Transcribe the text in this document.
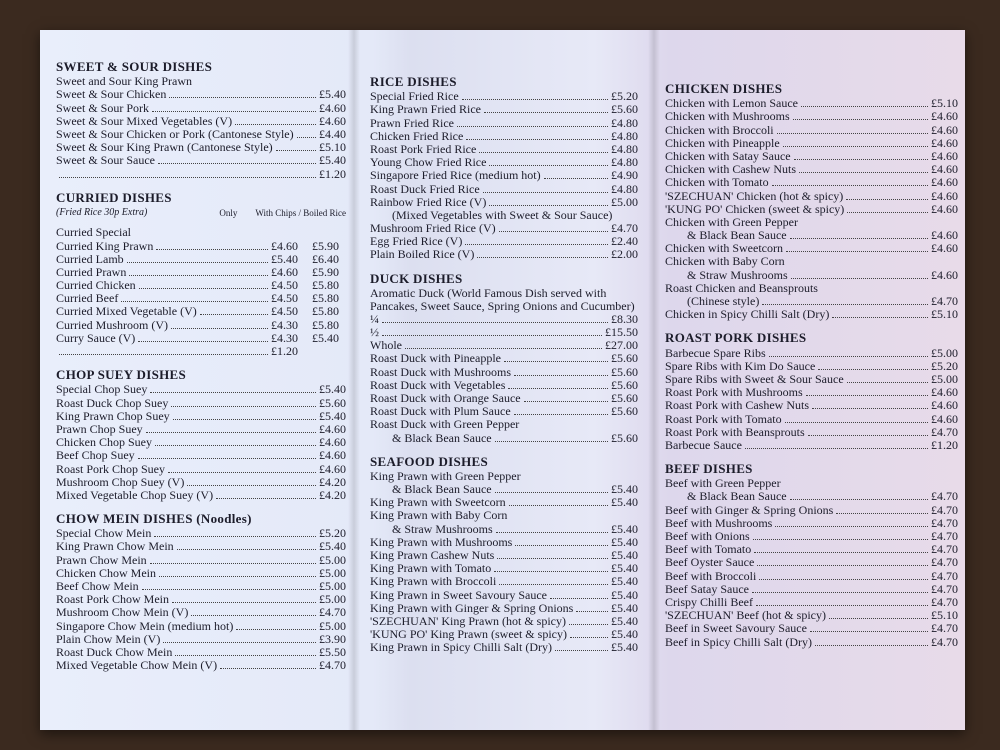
SWEET & SOUR DISHES
Sweet and Sour King Prawn
Sweet & Sour Chicken	£5.40
Sweet & Sour Pork	£4.60
Sweet & Sour Mixed Vegetables (V)	£4.60
Sweet & Sour Chicken or Pork (Cantonese Style) £4.40
Sweet & Sour King Prawn (Cantonese Style)	£5.10
Sweet & Sour Sauce	£5.40
£1.20
CURRIED DISHES
(Fried Rice 30p Extra)	Only With Chips / Boiled Rice
Curried Special
Curried King Prawn	£4.60 £5.90
Curried Lamb	£5.40 £6.40
Curried Prawn	£4.60 £5.90
Curried Chicken	£4.50 £5.80
Curried Beef	£4.50 £5.80
Curried Mixed Vegetable (V)	£4.50 £5.80
Curried Mushroom (V)	£4.30 £5.80
Curry Sauce (V)	£4.30 £5.40
£1.20
CHOP SUEY DISHES
Special Chop Suey	£5.40
Roast Duck Chop Suey	£5.60
King Prawn Chop Suey	£5.40
Prawn Chop Suey	£4.60
Chicken Chop Suey	£4.60
Beef Chop Suey	£4.60
Roast Pork Chop Suey	£4.60
Mushroom Chop Suey (V)	£4.20
Mixed Vegetable Chop Suey (V)	£4.20
CHOW MEIN DISHES (Noodles)
Special Chow Mein	£5.20
King Prawn Chow Mein	£5.40
Prawn Chow Mein	£5.00
Chicken Chow Mein	£5.00
Beef Chow Mein	£5.00
Roast Pork Chow Mein	£5.00
Mushroom Chow Mein (V)	£4.70
Singapore Chow Mein (medium hot)	£5.00
Plain Chow Mein (V)	£3.90
Roast Duck Chow Mein	£5.50
Mixed Vegetable Chow Mein (V)	£4.70
RICE DISHES
Special Fried Rice	£5.20
King Prawn Fried Rice	£5.60
Prawn Fried Rice	£4.80
Chicken Fried Rice	£4.80
Roast Pork Fried Rice	£4.80
Young Chow Fried Rice	£4.80
Singapore Fried Rice (medium hot)	£4.90
Roast Duck Fried Rice	£4.80
Rainbow Fried Rice (V)	£5.00
(Mixed Vegetables with Sweet & Sour Sauce)
Mushroom Fried Rice (V)	£4.70
Egg Fried Rice (V)	£2.40
Plain Boiled Rice (V)	£2.00
DUCK DISHES
Aromatic Duck (World Famous Dish served with Pancakes, Sweet Sauce, Spring Onions and Cucumber)
¼	£8.30
½	£15.50
Whole	£27.00
Roast Duck with Pineapple	£5.60
Roast Duck with Mushrooms	£5.60
Roast Duck with Vegetables	£5.60
Roast Duck with Orange Sauce	£5.60
Roast Duck with Plum Sauce	£5.60
Roast Duck with Green Pepper
& Black Bean Sauce	£5.60
SEAFOOD DISHES
King Prawn with Green Pepper
& Black Bean Sauce	£5.40
King Prawn with Sweetcorn	£5.40
King Prawn with Baby Corn
& Straw Mushrooms	£5.40
King Prawn with Mushrooms	£5.40
King Prawn Cashew Nuts	£5.40
King Prawn with Tomato	£5.40
King Prawn with Broccoli	£5.40
King Prawn in Sweet Savoury Sauce	£5.40
King Prawn with Ginger & Spring Onions	£5.40
'SZECHUAN' King Prawn (hot & spicy)	£5.40
'KUNG PO' King Prawn (sweet & spicy)	£5.40
King Prawn in Spicy Chilli Salt (Dry)	£5.40
CHICKEN DISHES
Chicken with Lemon Sauce	£5.10
Chicken with Mushrooms	£4.60
Chicken with Broccoli	£4.60
Chicken with Pineapple	£4.60
Chicken with Satay Sauce	£4.60
Chicken with Cashew Nuts	£4.60
Chicken with Tomato	£4.60
'SZECHUAN' Chicken (hot & spicy)	£4.60
'KUNG PO' Chicken (sweet & spicy)	£4.60
Chicken with Green Pepper
& Black Bean Sauce	£4.60
Chicken with Sweetcorn	£4.60
Chicken with Baby Corn
& Straw Mushrooms	£4.60
Roast Chicken and Beansprouts
(Chinese style)	£4.70
Chicken in Spicy Chilli Salt (Dry)	£5.10
ROAST PORK DISHES
Barbecue Spare Ribs	£5.00
Spare Ribs with Kim Do Sauce	£5.20
Spare Ribs with Sweet & Sour Sauce	£5.00
Roast Pork with Mushrooms	£4.60
Roast Pork with Cashew Nuts	£4.60
Roast Pork with Tomato	£4.60
Roast Pork with Beansprouts	£4.70
Barbecue Sauce	£1.20
BEEF DISHES
Beef with Green Pepper
& Black Bean Sauce	£4.70
Beef with Ginger & Spring Onions	£4.70
Beef with Mushrooms	£4.70
Beef with Onions	£4.70
Beef with Tomato	£4.70
Beef Oyster Sauce	£4.70
Beef with Broccoli	£4.70
Beef Satay Sauce	£4.70
Crispy Chilli Beef	£4.70
'SZECHUAN' Beef (hot & spicy)	£5.10
Beef in Sweet Savoury Sauce	£4.70
Beef in Spicy Chilli Salt (Dry)	£4.70
